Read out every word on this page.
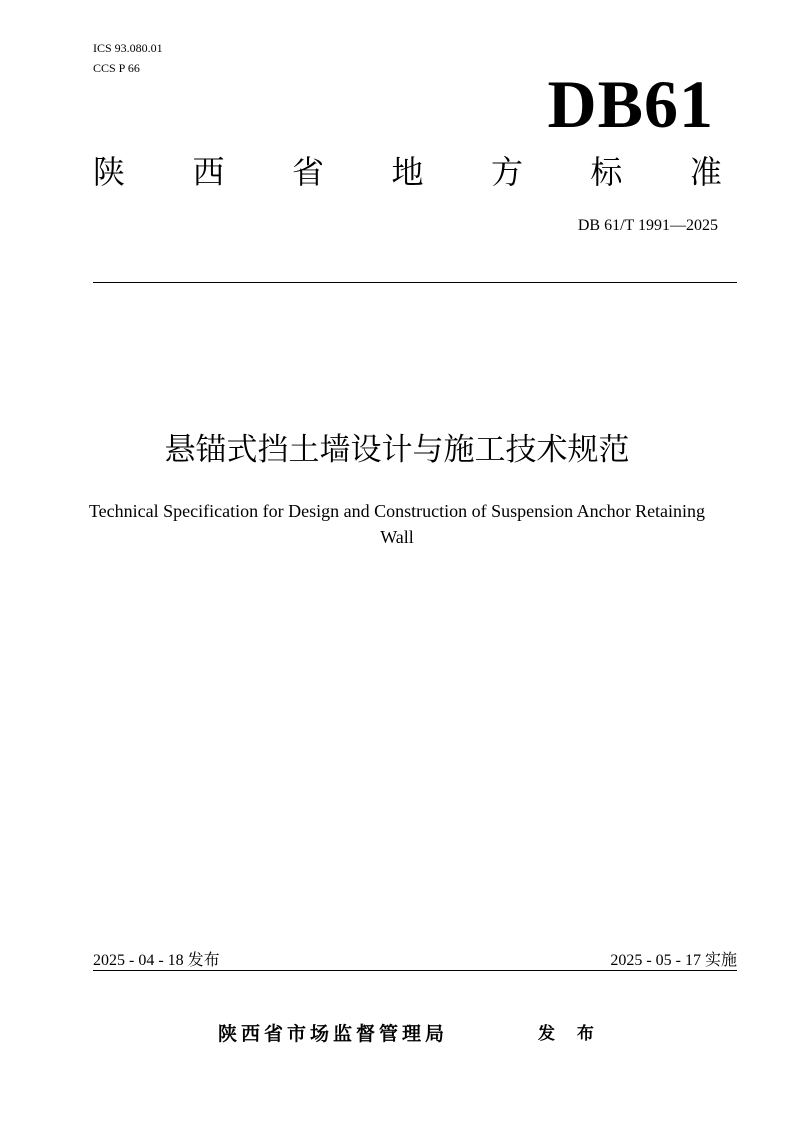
ICS 93.080.01
CCS P 66	DB61
陕 西 省 地 方 标 准
DB 61/T 1991—2025
悬锚式挡土墙设计与施工技术规范
Technical Specification for Design and Construction of Suspension Anchor Retaining
Wall
2025 - 04 - 18 发布	2025 - 05 - 17 实施
陕西省市场监督管理局	发 布
